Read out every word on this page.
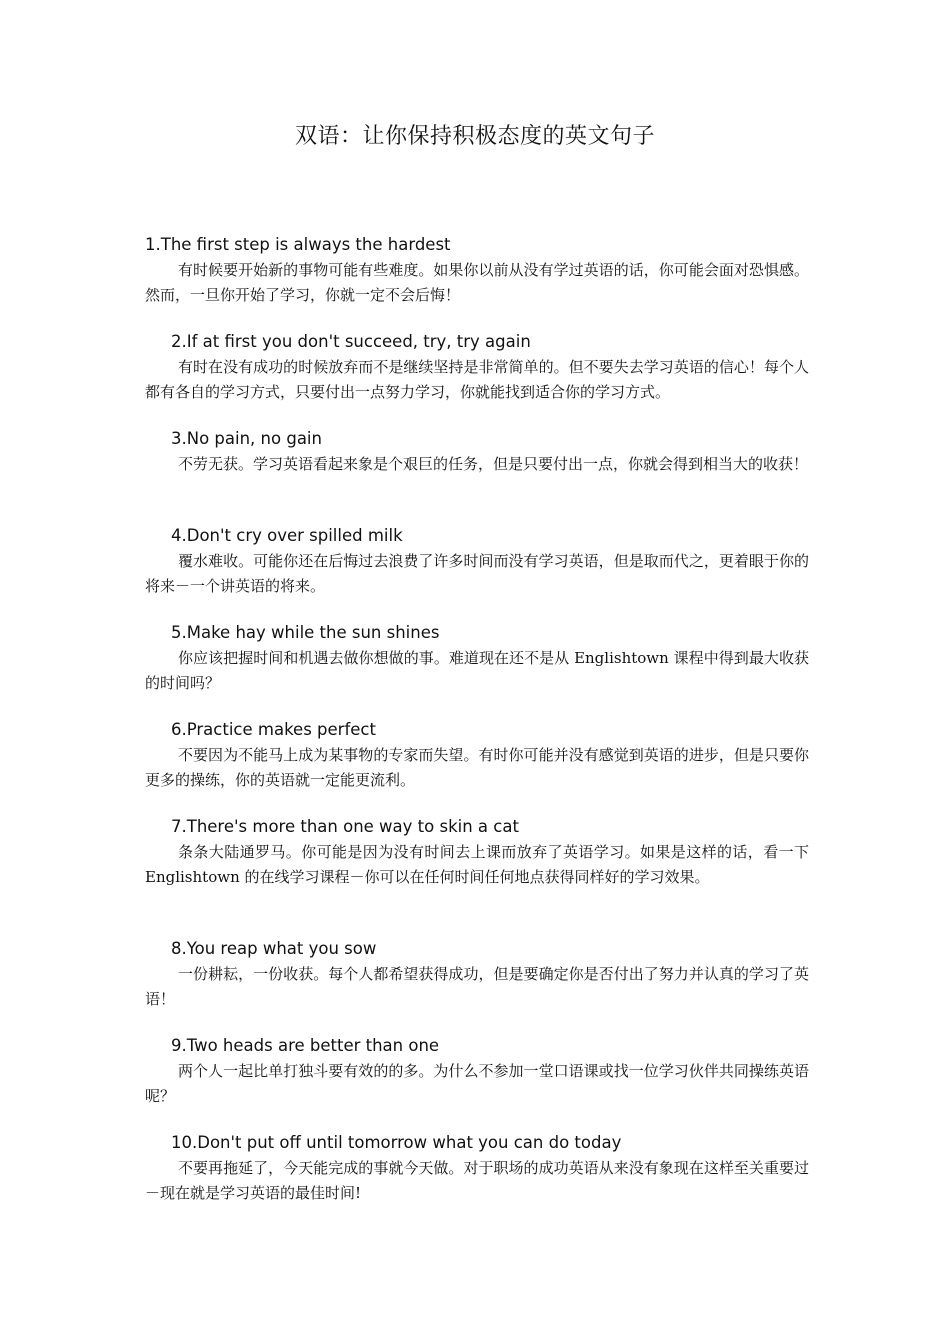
双语：让你保持积极态度的英文句子

1.The first step is always the hardest

有时候要开始新的事物可能有些难度。如果你以前从没有学过英语的话，你可能会面对恐惧感。然而，一旦你开始了学习，你就一定不会后悔！

2.If at first you don't succeed, try, try again

有时在没有成功的时候放弃而不是继续坚持是非常简单的。但不要失去学习英语的信心！每个人都有各自的学习方式，只要付出一点努力学习，你就能找到适合你的学习方式。

3.No pain, no gain

不劳无获。学习英语看起来象是个艰巨的任务，但是只要付出一点，你就会得到相当大的收获！

4.Don't cry over spilled milk

覆水难收。可能你还在后悔过去浪费了许多时间而没有学习英语，但是取而代之，更着眼于你的将来－一个讲英语的将来。

5.Make hay while the sun shines

你应该把握时间和机遇去做你想做的事。难道现在还不是从 Englishtown 课程中得到最大收获的时间吗？

6.Practice makes perfect

不要因为不能马上成为某事物的专家而失望。有时你可能并没有感觉到英语的进步，但是只要你更多的操练，你的英语就一定能更流利。

7.There's more than one way to skin a cat

条条大陆通罗马。你可能是因为没有时间去上课而放弃了英语学习。如果是这样的话，看一下 Englishtown 的在线学习课程－你可以在任何时间任何地点获得同样好的学习效果。

8.You reap what you sow

一份耕耘，一份收获。每个人都希望获得成功，但是要确定你是否付出了努力并认真的学习了英语！

9.Two heads are better than one

两个人一起比单打独斗要有效的的多。为什么不参加一堂口语课或找一位学习伙伴共同操练英语呢？

10.Don't put off until tomorrow what you can do today

不要再拖延了，今天能完成的事就今天做。对于职场的成功英语从来没有象现在这样至关重要过－现在就是学习英语的最佳时间!
